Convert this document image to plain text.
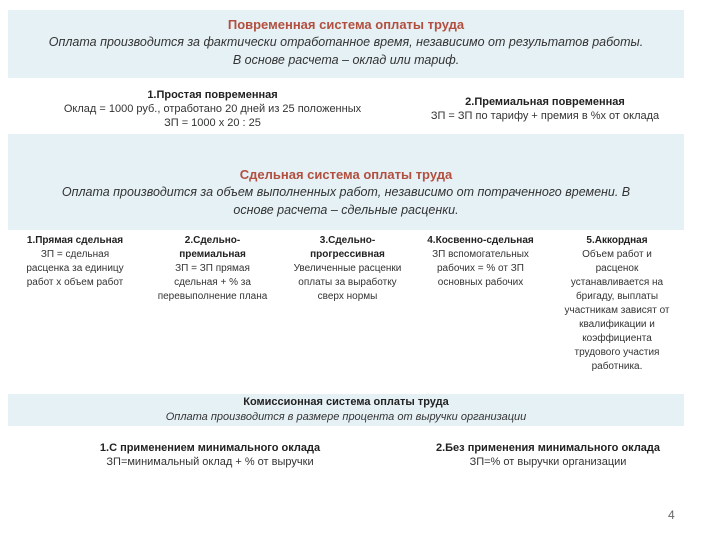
Повременная система оплаты труда
Оплата производится за фактически отработанное время, независимо от результатов работы.
В основе расчета – оклад или тариф.
1.Простая повременная
Оклад = 1000 руб., отработано 20 дней из 25 положенных
ЗП = 1000 х 20 : 25
2.Премиальная повременная
ЗП = ЗП по тарифу + премия в %х от оклада
Сдельная система оплаты труда
Оплата производится за объем выполненных работ, независимо от потраченного времени. В
основе расчета – сдельные расценки.
1.Прямая сдельная
ЗП = сдельная
расценка за единицу
работ х объем работ
2.Сдельно-
премиальная
ЗП = ЗП прямая
сдельная + % за
перевыполнение плана
3.Сдельно-
прогрессивная
Увеличенные расценки
оплаты за выработку
сверх нормы
4.Косвенно-сдельная
ЗП вспомогательных
рабочих = % от ЗП
основных рабочих
5.Аккордная
Объем работ и
расценок
устанавливается на
бригаду, выплаты
участникам зависят от
квалификации и
коэффициента
трудового участия
работника.
Комиссионная система оплаты труда
Оплата производится в размере процента от выручки организации
1.С применением минимального оклада
ЗП=минимальный оклад + % от выручки
2.Без применения минимального оклада
ЗП=% от выручки организации
4
